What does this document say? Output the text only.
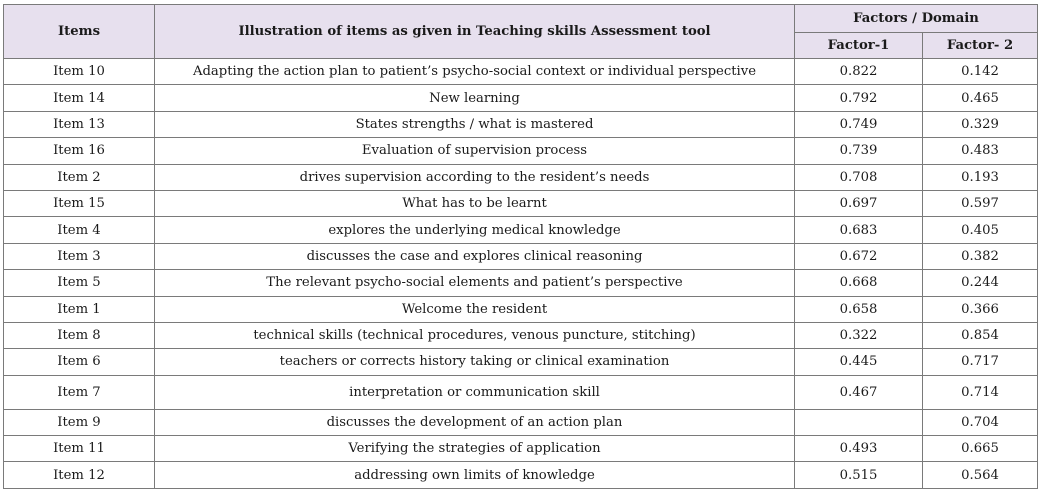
Items	Illustration of items as given in Teaching skills Assessment tool	Factors / Domain	
		Factor-1	Factor- 2
Item 10	Adapting the action plan to patient’s psycho-social context or individual perspective	0.822	0.142
Item 14	New learning	0.792	0.465
Item 13	States strengths / what is mastered	0.749	0.329
Item 16	Evaluation of supervision process	0.739	0.483
Item 2	drives supervision according to the resident’s needs	0.708	0.193
Item 15	What has to be learnt	0.697	0.597
Item 4	explores the underlying medical knowledge	0.683	0.405
Item 3	discusses the case and explores clinical reasoning	0.672	0.382
Item 5	The relevant psycho-social elements and patient’s perspective	0.668	0.244
Item 1	Welcome the resident	0.658	0.366
Item 8	technical skills (technical procedures, venous puncture, stitching)	0.322	0.854
Item 6	teachers or corrects history taking or clinical examination	0.445	0.717
Item 7	interpretation or communication skill	0.467	0.714
Item 9	discusses the development of an action plan		0.704
Item 11	Verifying the strategies of application	0.493	0.665
Item 12	addressing own limits of knowledge	0.515	0.564
